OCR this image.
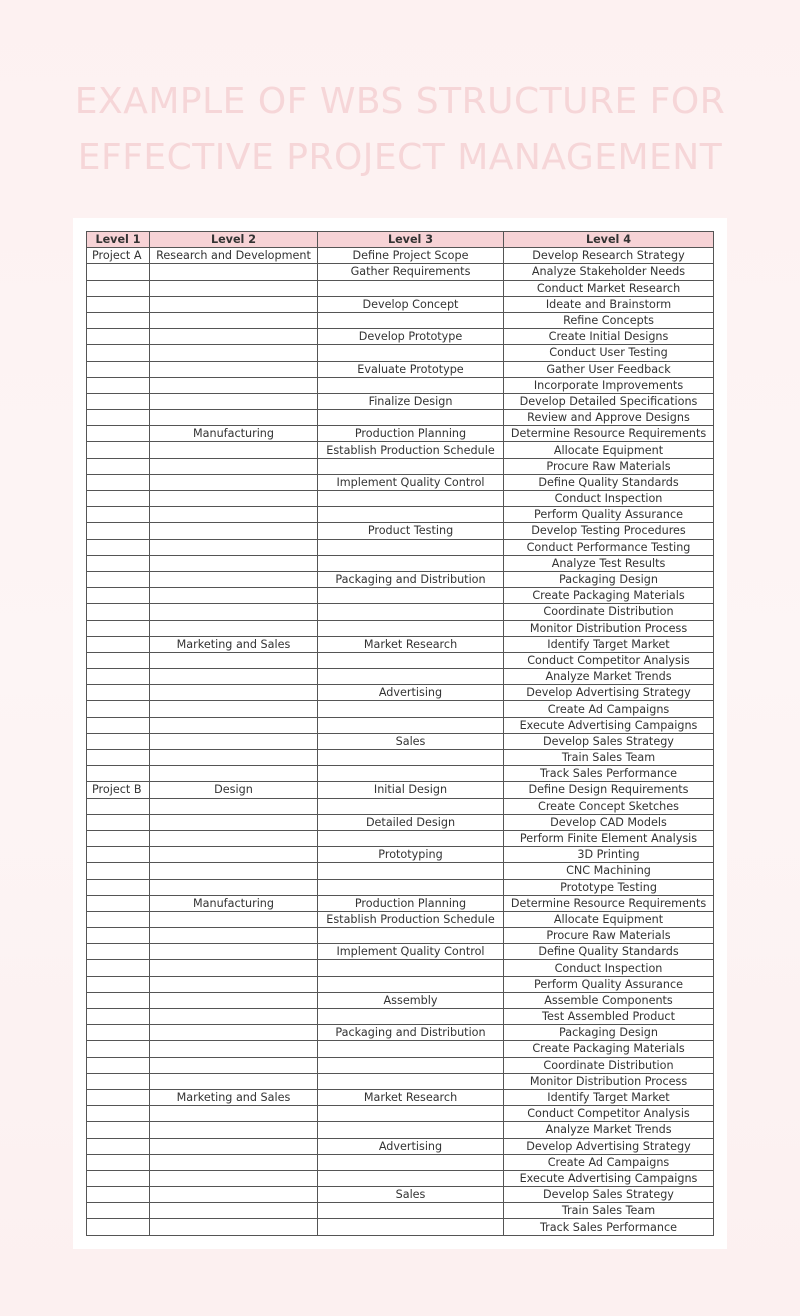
EXAMPLE OF WBS STRUCTURE FOR
EFFECTIVE PROJECT MANAGEMENT
Level 1	Level 2	Level 3	Level 4
Project A	Research and Development	Define Project Scope	Develop Research Strategy
		Gather Requirements	Analyze Stakeholder Needs
			Conduct Market Research
		Develop Concept	Ideate and Brainstorm
			Refine Concepts
		Develop Prototype	Create Initial Designs
			Conduct User Testing
		Evaluate Prototype	Gather User Feedback
			Incorporate Improvements
		Finalize Design	Develop Detailed Specifications
			Review and Approve Designs
	Manufacturing	Production Planning	Determine Resource Requirements
		Establish Production Schedule	Allocate Equipment
			Procure Raw Materials
		Implement Quality Control	Define Quality Standards
			Conduct Inspection
			Perform Quality Assurance
		Product Testing	Develop Testing Procedures
			Conduct Performance Testing
			Analyze Test Results
		Packaging and Distribution	Packaging Design
			Create Packaging Materials
			Coordinate Distribution
			Monitor Distribution Process
	Marketing and Sales	Market Research	Identify Target Market
			Conduct Competitor Analysis
			Analyze Market Trends
		Advertising	Develop Advertising Strategy
			Create Ad Campaigns
			Execute Advertising Campaigns
		Sales	Develop Sales Strategy
			Train Sales Team
			Track Sales Performance
Project B	Design	Initial Design	Define Design Requirements
			Create Concept Sketches
		Detailed Design	Develop CAD Models
			Perform Finite Element Analysis
		Prototyping	3D Printing
			CNC Machining
			Prototype Testing
	Manufacturing	Production Planning	Determine Resource Requirements
		Establish Production Schedule	Allocate Equipment
			Procure Raw Materials
		Implement Quality Control	Define Quality Standards
			Conduct Inspection
			Perform Quality Assurance
		Assembly	Assemble Components
			Test Assembled Product
		Packaging and Distribution	Packaging Design
			Create Packaging Materials
			Coordinate Distribution
			Monitor Distribution Process
	Marketing and Sales	Market Research	Identify Target Market
			Conduct Competitor Analysis
			Analyze Market Trends
		Advertising	Develop Advertising Strategy
			Create Ad Campaigns
			Execute Advertising Campaigns
		Sales	Develop Sales Strategy
			Train Sales Team
			Track Sales Performance
